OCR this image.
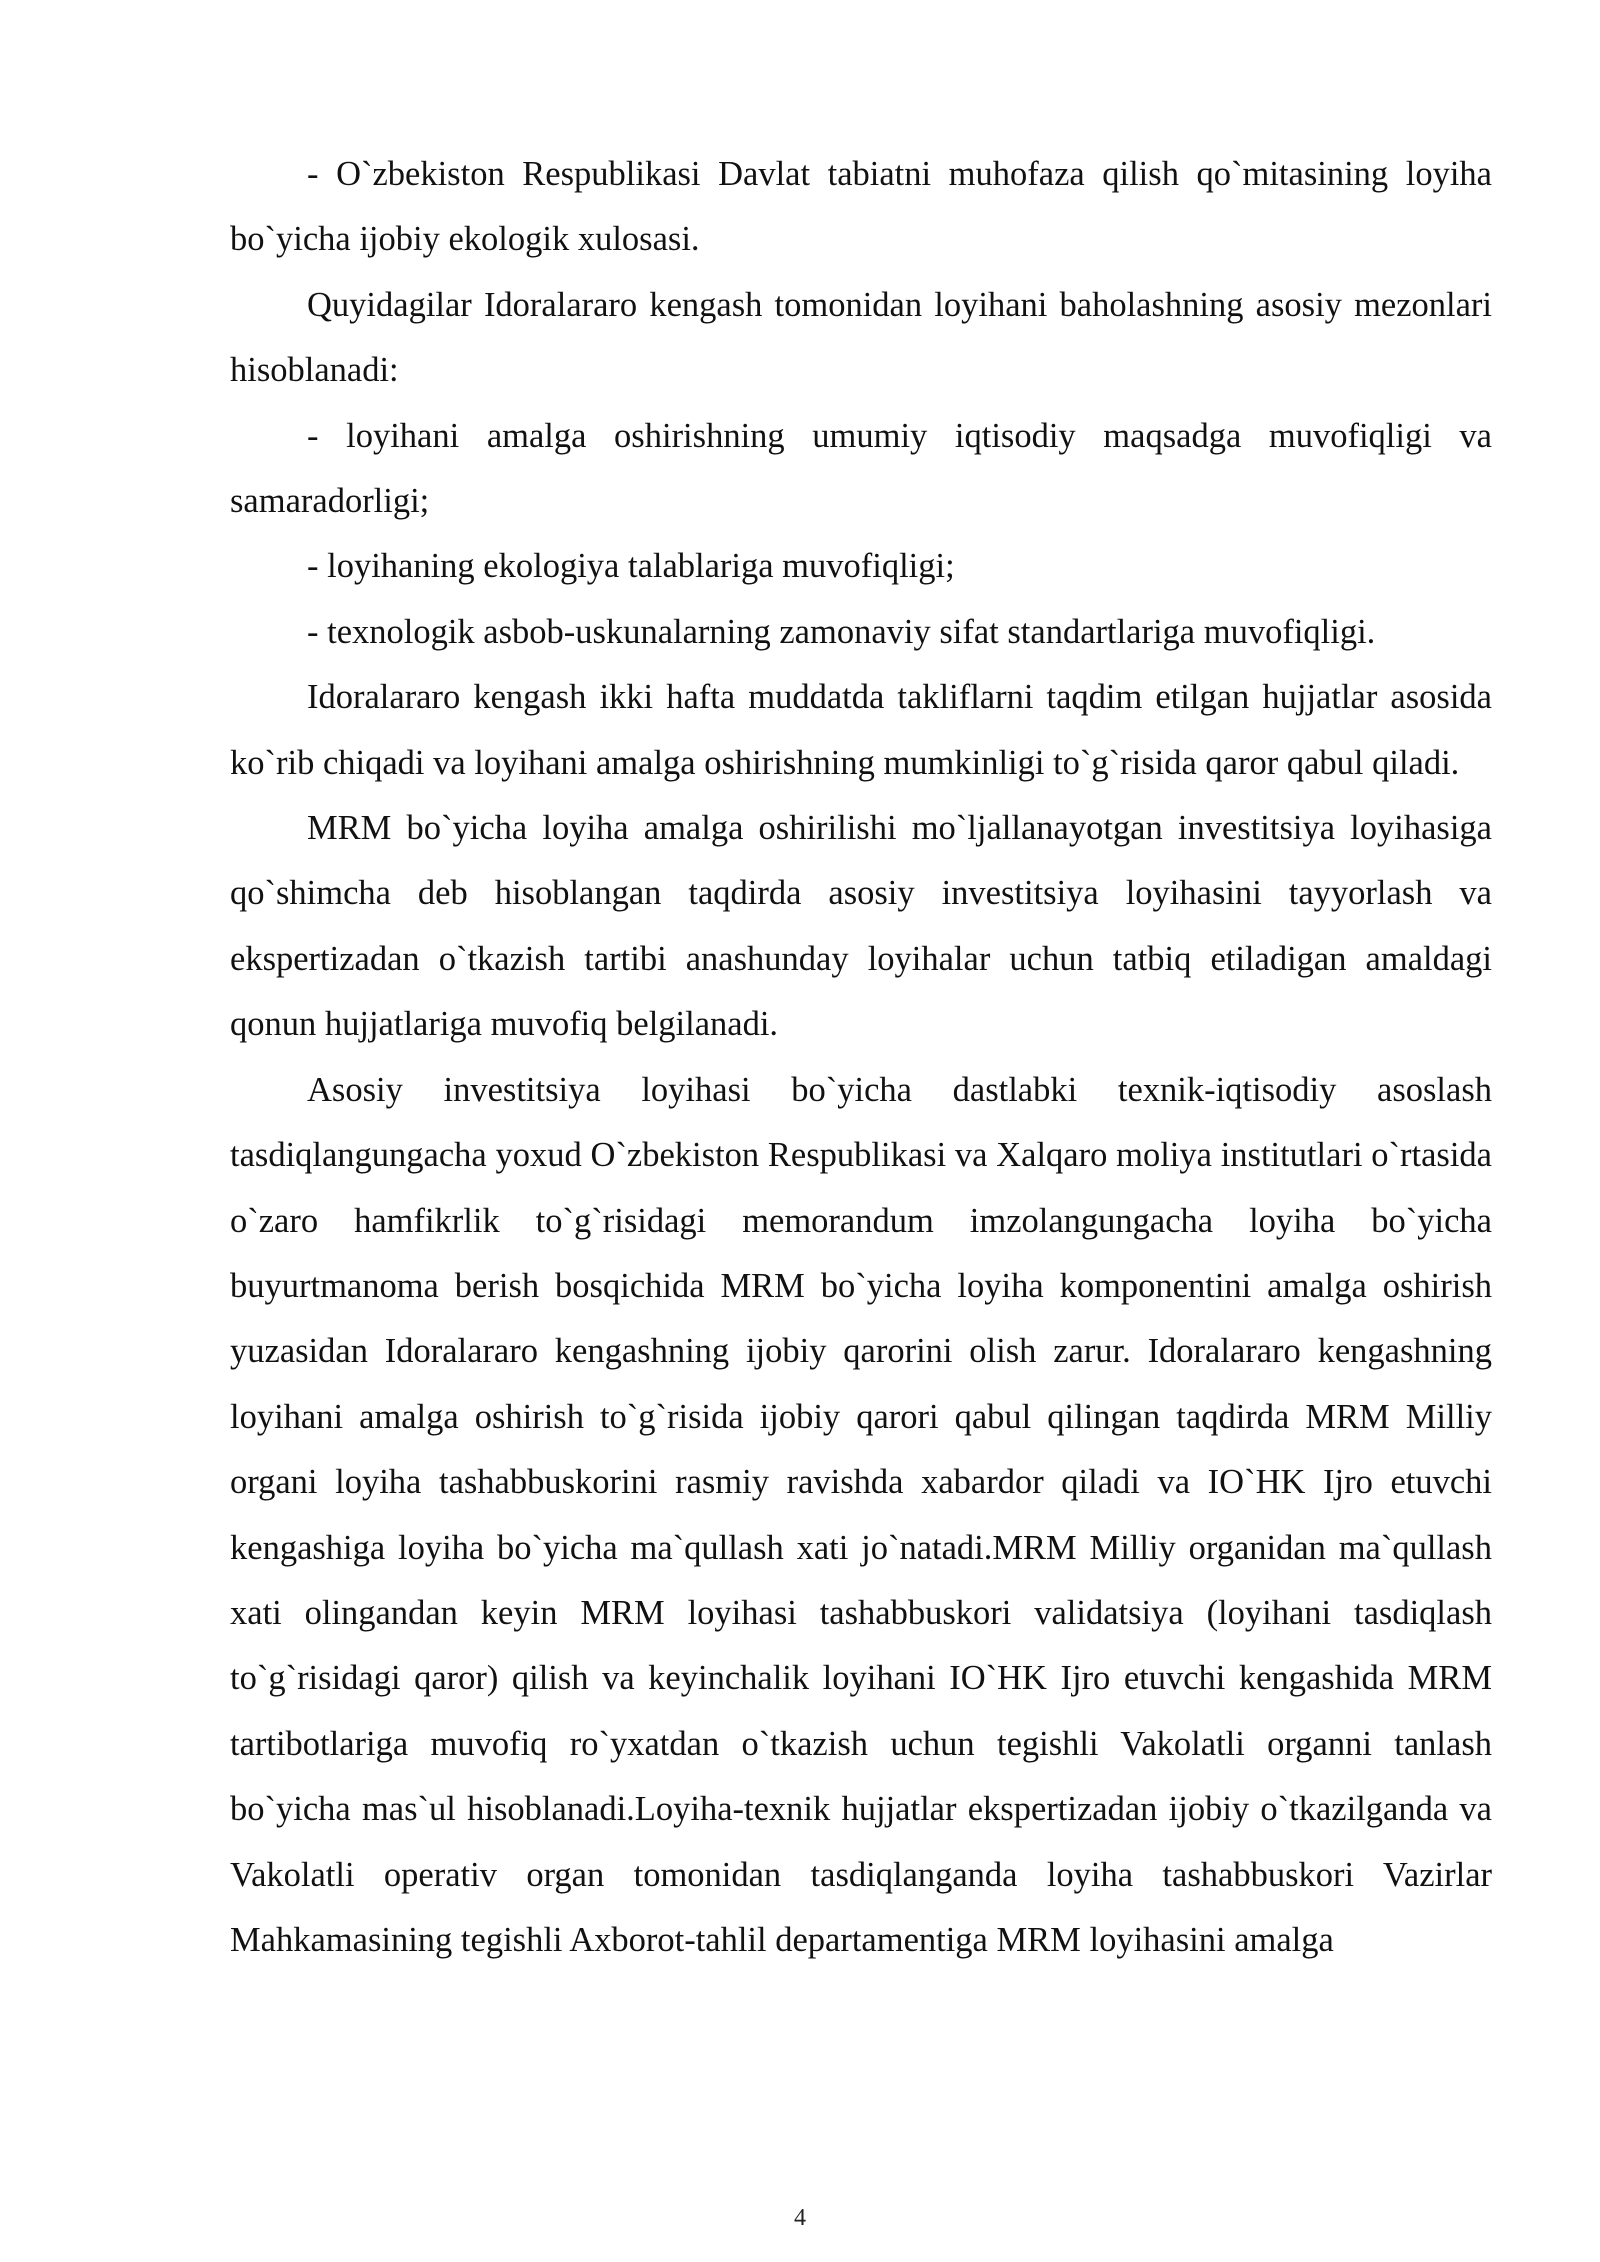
- O`zbekiston Respublikasi Davlat tabiatni muhofaza qilish qo`mitasining loyiha bo`yicha ijobiy ekologik xulosasi.

Quyidagilar Idoralararo kengash tomonidan loyihani baholashning asosiy mezonlari hisoblanadi:

- loyihani amalga oshirishning umumiy iqtisodiy maqsadga muvofiqligi va samaradorligi;

- loyihaning ekologiya talablariga muvofiqligi;

- texnologik asbob-uskunalarning zamonaviy sifat standartlariga muvofiqligi.

Idoralararo kengash ikki hafta muddatda takliflarni taqdim etilgan hujjatlar asosida ko`rib chiqadi va loyihani amalga oshirishning mumkinligi to`g`risida qaror qabul qiladi.

MRM bo`yicha loyiha amalga oshirilishi mo`ljallanayotgan investitsiya loyihasiga qo`shimcha deb hisoblangan taqdirda asosiy investitsiya loyihasini tayyorlash va ekspertizadan o`tkazish tartibi anashunday loyihalar uchun tatbiq etiladigan amaldagi qonun hujjatlariga muvofiq belgilanadi.

Asosiy investitsiya loyihasi bo`yicha dastlabki texnik-iqtisodiy asoslash tasdiqlangungacha yoxud O`zbekiston Respublikasi va Xalqaro moliya institutlari o`rtasida o`zaro hamfikrlik to`g`risidagi memorandum imzolangungacha loyiha bo`yicha buyurtmanoma berish bosqichida MRM bo`yicha loyiha komponentini amalga oshirish yuzasidan Idoralararo kengashning ijobiy qarorini olish zarur. Idoralararo kengashning loyihani amalga oshirish to`g`risida ijobiy qarori qabul qilingan taqdirda MRM Milliy organi loyiha tashabbuskorini rasmiy ravishda xabardor qiladi va IO`HK Ijro etuvchi kengashiga loyiha bo`yicha ma`qullash xati jo`natadi.MRM Milliy organidan ma`qullash xati olingandan keyin MRM loyihasi tashabbuskori validatsiya (loyihani tasdiqlash to`g`risidagi qaror) qilish va keyinchalik loyihani IO`HK Ijro etuvchi kengashida MRM tartibotlariga muvofiq ro`yxatdan o`tkazish uchun tegishli Vakolatli organni tanlash bo`yicha mas`ul hisoblanadi.Loyiha-texnik hujjatlar ekspertizadan ijobiy o`tkazilganda va Vakolatli operativ organ tomonidan tasdiqlanganda loyiha tashabbuskori Vazirlar Mahkamasining tegishli Axborot-tahlil departamentiga MRM loyihasini amalga

4
